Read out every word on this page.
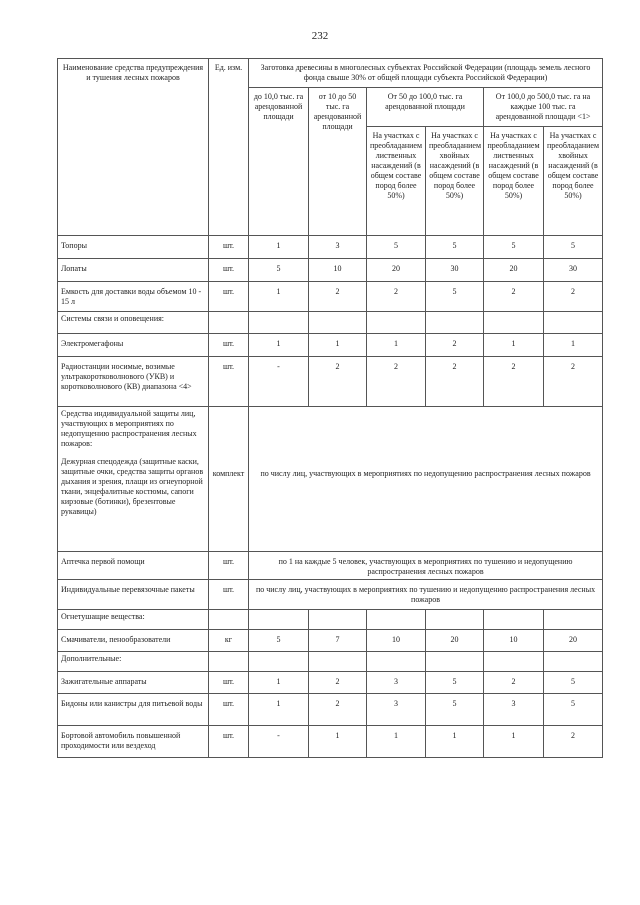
232
Наименование средства предупреждения и тушения лесных пожаров	Ед. изм.	Заготовка древесины в многолесных субъектах Российской Федерации (площадь земель лесного фонда свыше 30% от общей площади субъекта Российской Федерации)					
		до 10,0 тыс. га арендованной площади	от 10 до 50 тыс. га арендованной площади	От 50 до 100,0 тыс. га арендованной площади		От 100,0 до 500,0 тыс. га на каждые 100 тыс. га арендованной площади <1>	
				На участках с преобладанием лиственных насаждений (в общем составе пород более 50%)	На участках с преобладанием хвойных насаждений (в общем составе пород более 50%)	На участках с преобладанием лиственных насаждений (в общем составе пород более 50%)	На участках с преобладанием хвойных насаждений (в общем составе пород более 50%)
Топоры	шт.	1	3	5	5	5	5
Лопаты	шт.	5	10	20	30	20	30
Емкость для доставки воды объемом 10 - 15 л	шт.	1	2	2	5	2	2
Системы связи и оповещения:							
Электромегафоны	шт.	1	1	1	2	1	1
Радиостанции носимые, возимые ультракоротковолнового (УКВ) и коротковолнового (КВ) диапазона <4>	шт.	-	2	2	2	2	2
Средства индивидуальной защиты лиц, участвующих в мероприятиях по недопущению распространения лесных пожаров:
Дежурная спецодежда (защитные каски, защитные очки, средства защиты органов дыхания и зрения, плащи из огнеупорной ткани, энцефалитные костюмы, сапоги кирзовые (ботинки), брезентовые рукавицы)	комплект	по числу лиц, участвующих в мероприятиях по недопущению распространения лесных пожаров					
Аптечка первой помощи	шт.	по 1 на каждые 5 человек, участвующих в мероприятиях по тушению и недопущению распространения лесных пожаров					
Индивидуальные перевязочные пакеты	шт.	по числу лиц, участвующих в мероприятиях по тушению и недопущению распространения лесных пожаров					
Огнетушащие вещества:							
Смачиватели, пенообразователи	кг	5	7	10	20	10	20
Дополнительные:							
Зажигательные аппараты	шт.	1	2	3	5	2	5
Бидоны или канистры для питьевой воды	шт.	1	2	3	5	3	5
Бортовой автомобиль повышенной проходимости или вездеход	шт.	-	1	1	1	1	2
